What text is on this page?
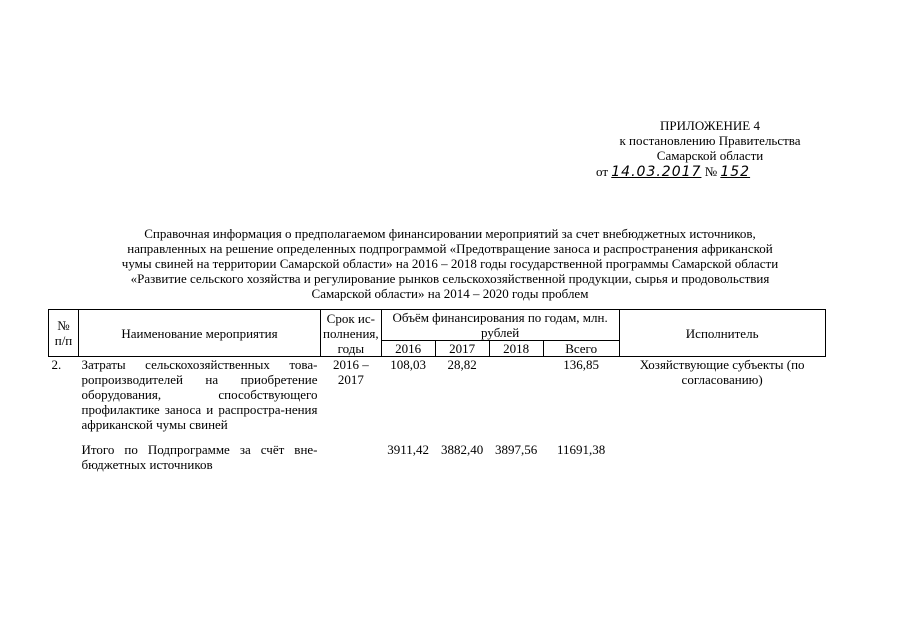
ПРИЛОЖЕНИЕ 4
к постановлению Правительства
Самарской области
от 14.03.2017 № 152
Справочная информация о предполагаемом финансировании мероприятий за счет внебюджетных источников,
направленных на решение определенных подпрограммой «Предотвращение заноса и распространения африканской
чумы свиней на территории Самарской области» на 2016 – 2018 годы государственной программы Самарской области
«Развитие сельского хозяйства и регулирование рынков сельскохозяйственной продукции, сырья и продовольствия
Самарской области» на 2014 – 2020 годы проблем
№ п/п	Наименование мероприятия	Срок ис-полнения, годы	Объём финансирования по годам, млн. рублей				Исполнитель
			2016	2017	2018	Всего	
2.	Затраты сельскохозяйственных това-ропроизводителей на приобретение оборудования, способствующего профилактике заноса и распростра-нения африканской чумы свиней	2016 – 2017	108,03	28,82		136,85	Хозяйствующие субъекты (по согласованию)

	Итого по Подпрограмме за счёт вне-бюджетных источников		3911,42	3882,40	3897,56	11691,38	
